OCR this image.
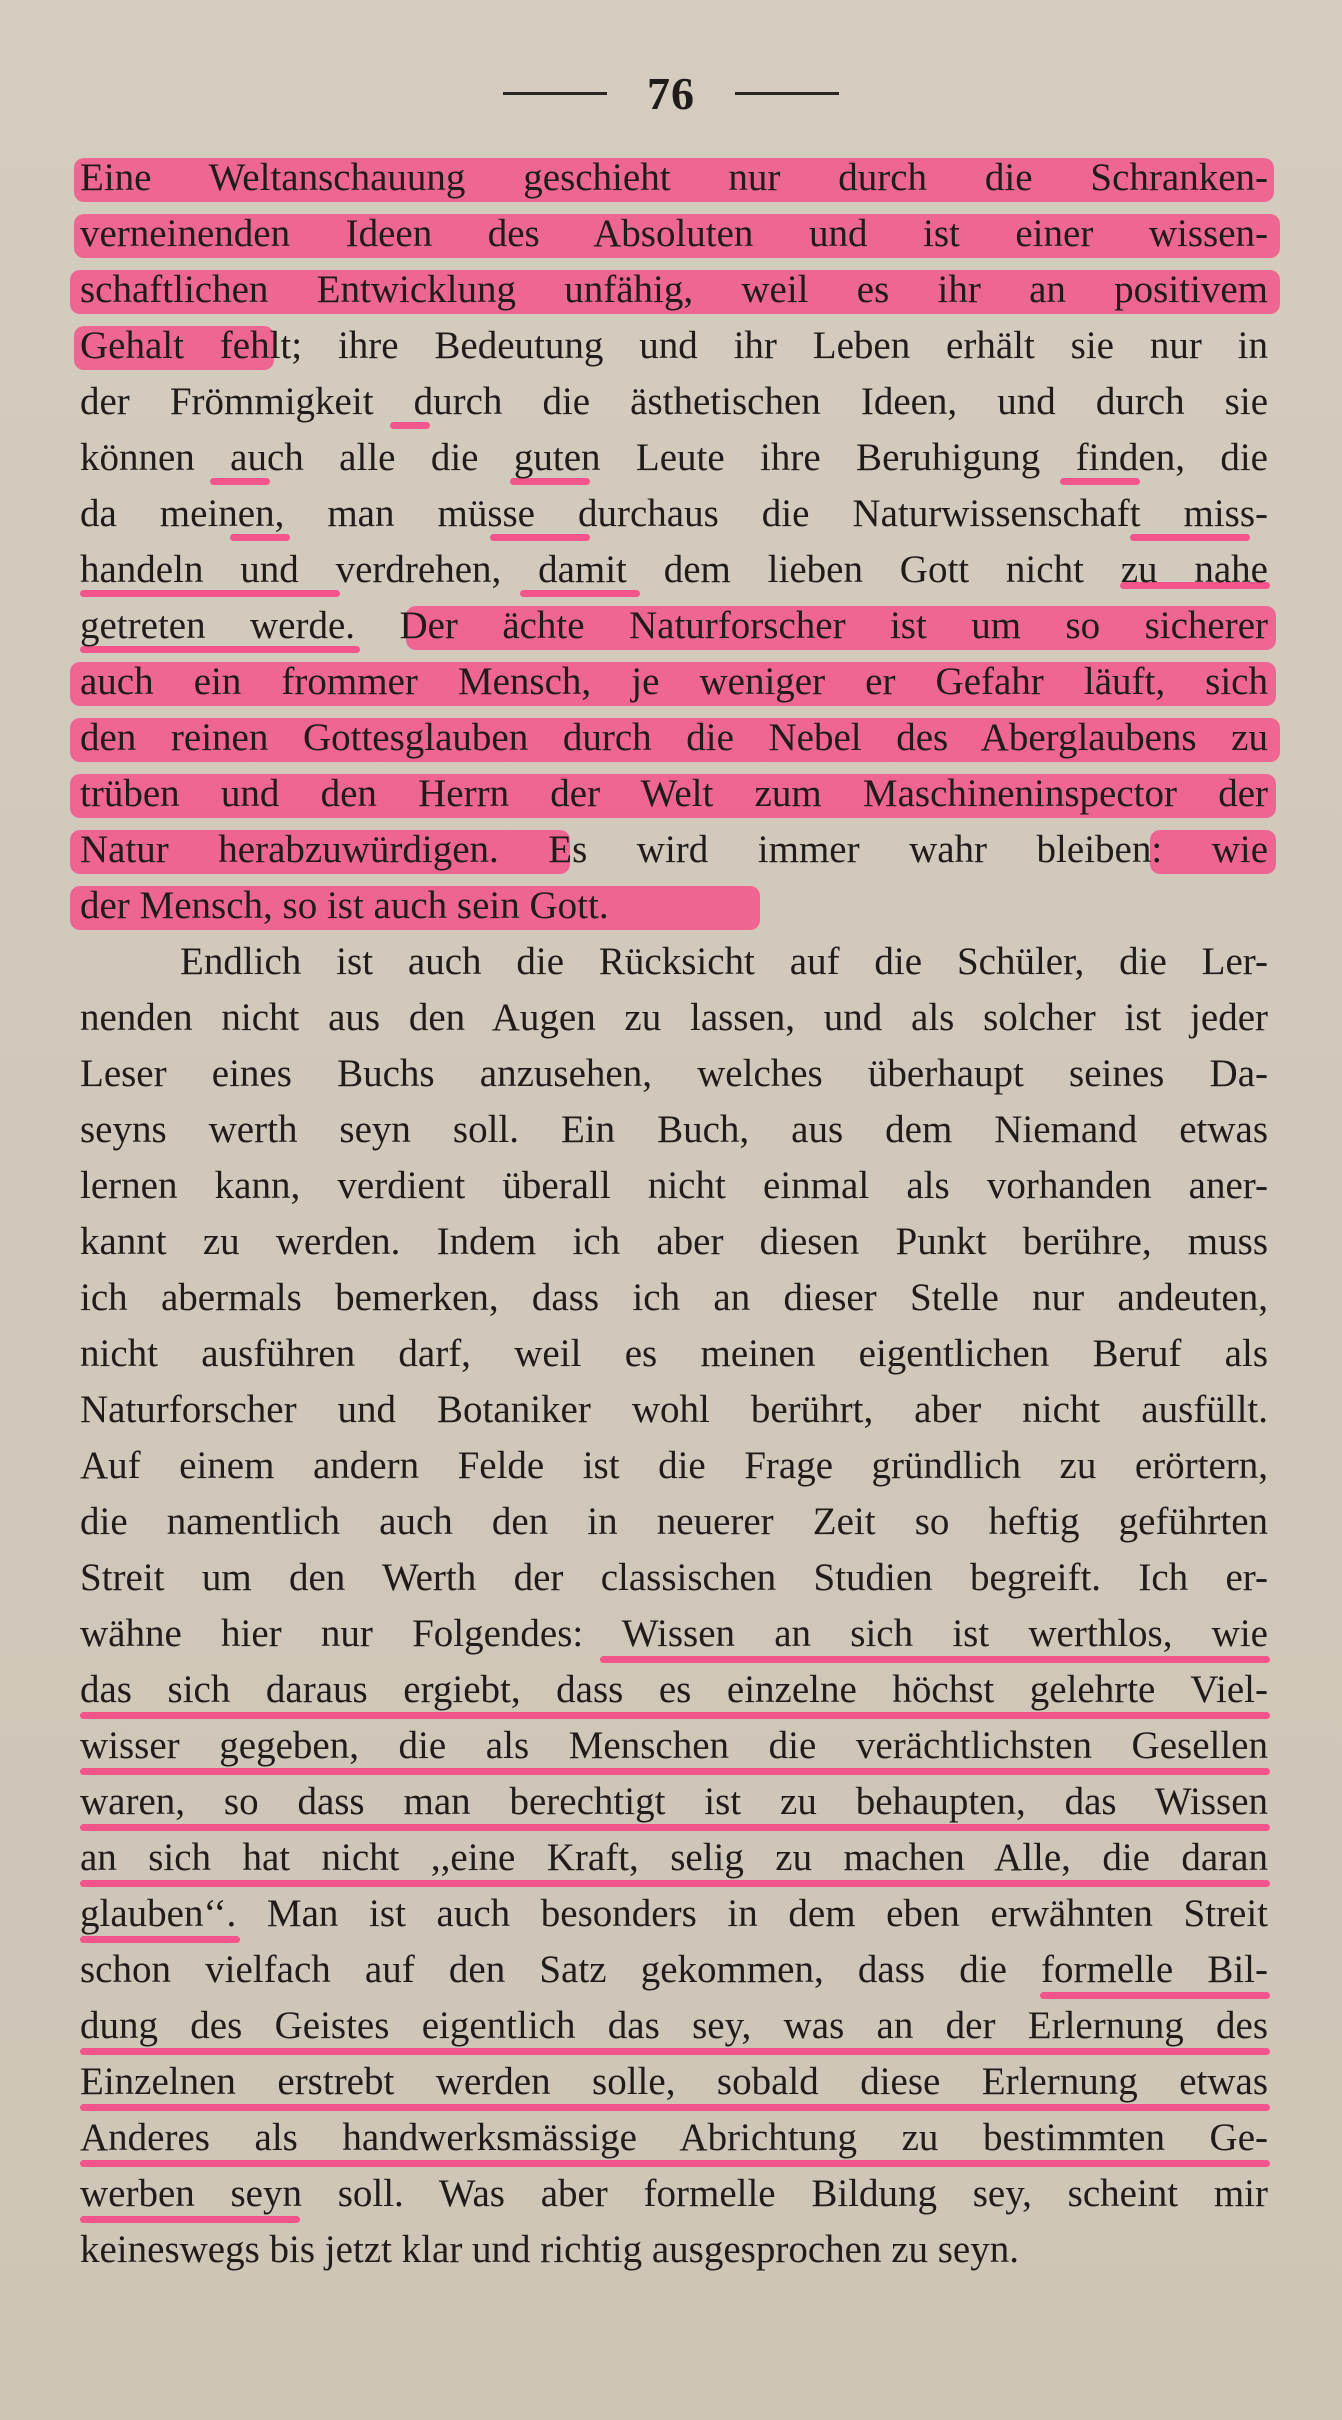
76
Eine Weltanschauung geschieht nur durch die Schranken-
verneinenden Ideen des Absoluten und ist einer wissen-
schaftlichen Entwicklung unfähig, weil es ihr an positivem
Gehalt fehlt; ihre Bedeutung und ihr Leben erhält sie nur in
der Frömmigkeit durch die ästhetischen Ideen, und durch sie
können auch alle die guten Leute ihre Beruhigung finden, die
da meinen, man müsse durchaus die Naturwissenschaft miss-
handeln und verdrehen, damit dem lieben Gott nicht zu nahe
getreten werde. Der ächte Naturforscher ist um so sicherer
auch ein frommer Mensch, je weniger er Gefahr läuft, sich
den reinen Gottesglauben durch die Nebel des Aberglaubens zu
trüben und den Herrn der Welt zum Maschineninspector der
Natur herabzuwürdigen. Es wird immer wahr bleiben: wie
der Mensch, so ist auch sein Gott.
Endlich ist auch die Rücksicht auf die Schüler, die Ler-
nenden nicht aus den Augen zu lassen, und als solcher ist jeder
Leser eines Buchs anzusehen, welches überhaupt seines Da-
seyns werth seyn soll. Ein Buch, aus dem Niemand etwas
lernen kann, verdient überall nicht einmal als vorhanden aner-
kannt zu werden. Indem ich aber diesen Punkt berühre, muss
ich abermals bemerken, dass ich an dieser Stelle nur andeuten,
nicht ausführen darf, weil es meinen eigentlichen Beruf als
Naturforscher und Botaniker wohl berührt, aber nicht ausfüllt.
Auf einem andern Felde ist die Frage gründlich zu erörtern,
die namentlich auch den in neuerer Zeit so heftig geführten
Streit um den Werth der classischen Studien begreift. Ich er-
wähne hier nur Folgendes: Wissen an sich ist werthlos, wie
das sich daraus ergiebt, dass es einzelne höchst gelehrte Viel-
wisser gegeben, die als Menschen die verächtlichsten Gesellen
waren, so dass man berechtigt ist zu behaupten, das Wissen
an sich hat nicht ,,eine Kraft, selig zu machen Alle, die daran
glauben‘‘. Man ist auch besonders in dem eben erwähnten Streit
schon vielfach auf den Satz gekommen, dass die formelle Bil-
dung des Geistes eigentlich das sey, was an der Erlernung des
Einzelnen erstrebt werden solle, sobald diese Erlernung etwas
Anderes als handwerksmässige Abrichtung zu bestimmten Ge-
werben seyn soll. Was aber formelle Bildung sey, scheint mir
keineswegs bis jetzt klar und richtig ausgesprochen zu seyn.
